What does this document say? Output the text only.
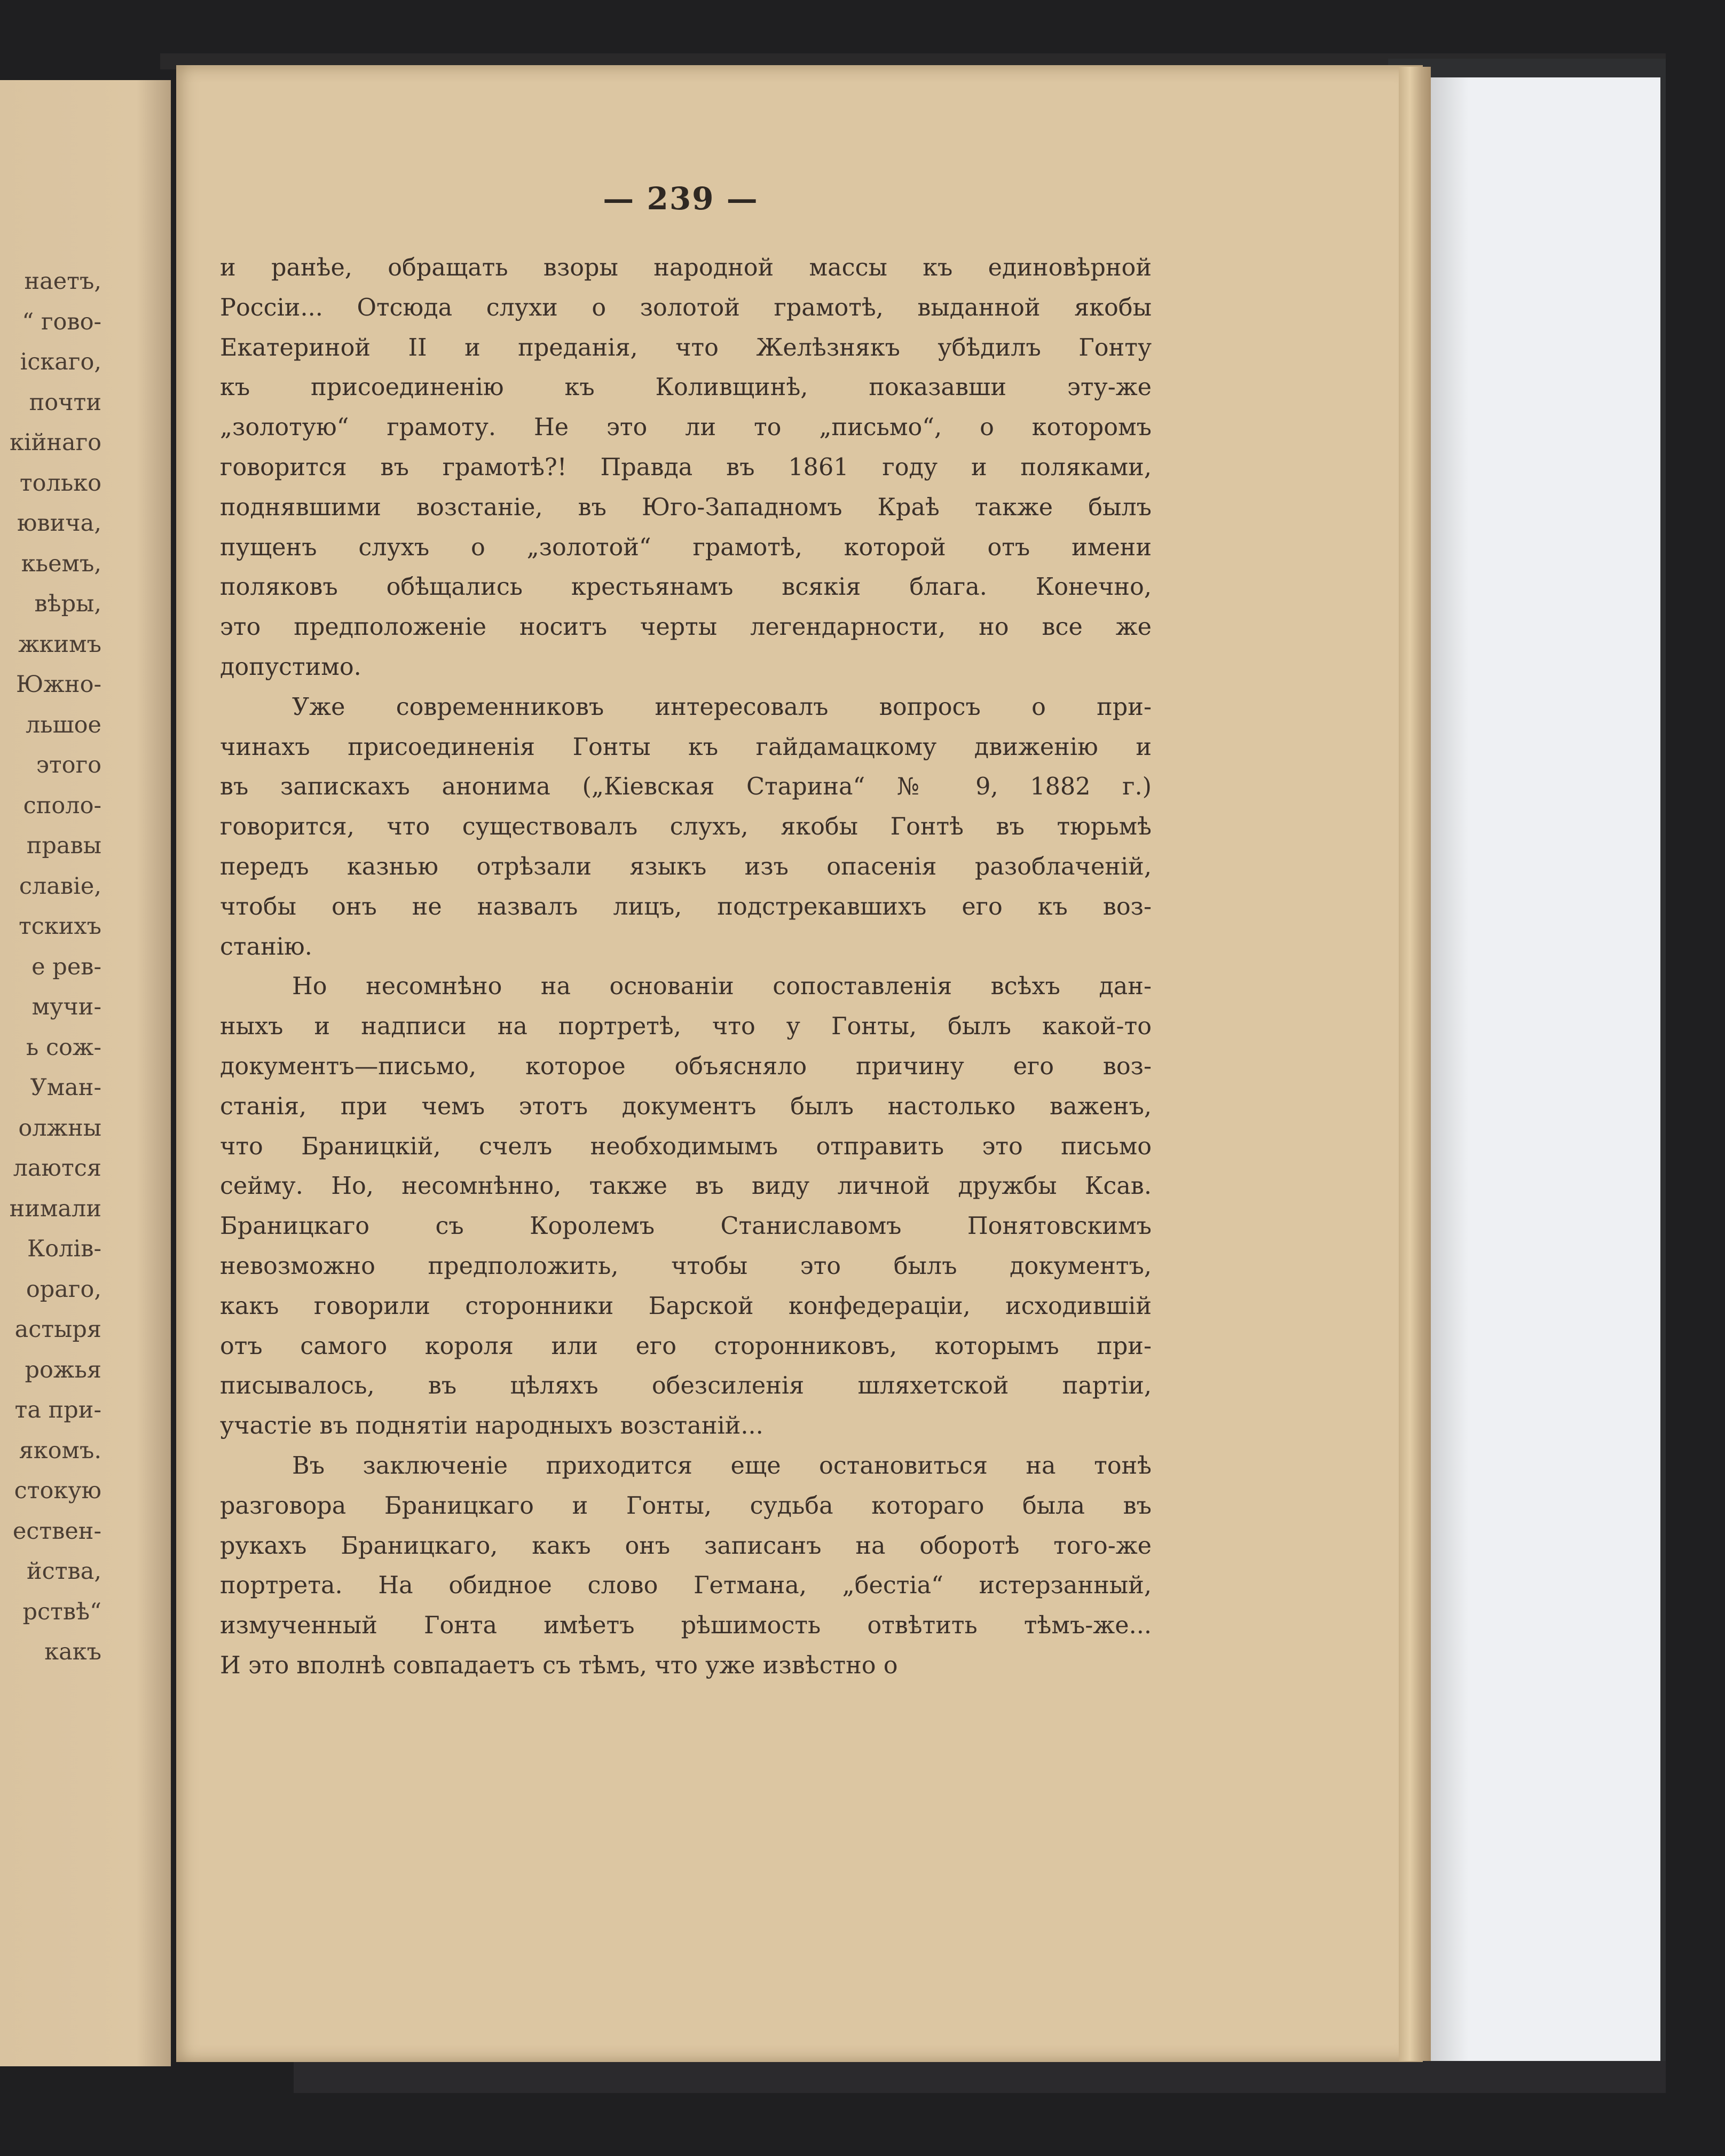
наетъ,
“ гово-
іскаго,
почти
кійнаго
только
ювича,
кьемъ,
вѣры,
жкимъ
Южно-
льшое
этого
споло-
правы
славіе,
тскихъ
е рев-
мучи-
ь сож-
Уман-
олжны
лаются
нимали
Колів-
ораго,
астыря
рожья
та при-
якомъ.
стокую
ествен-
йства,
рствѣ“
какъ
— 239 —
и ранѣе, обращать взоры народной массы къ единовѣрной
Россіи... Отсюда слухи о золотой грамотѣ, выданной якобы
Екатериной II и преданія, что Желѣзнякъ убѣдилъ Гонту
къ присоединенію къ Коливщинѣ, показавши эту-же
„золотую“ грамоту. Не это ли то „письмо“, о которомъ
говорится въ грамотѣ?! Правда въ 1861 году и поляками,
поднявшими возстаніе, въ Юго-Западномъ Краѣ также былъ
пущенъ слухъ о „золотой“ грамотѣ, которой отъ имени
поляковъ обѣщались крестьянамъ всякія блага. Конечно,
это предположеніе носитъ черты легендарности, но все же
допустимо.
Уже современниковъ интересовалъ вопросъ о при-
чинахъ присоединенія Гонты къ гайдамацкому движенію и
въ запискахъ анонима („Кіевская Старина“ № 9, 1882 г.)
говорится, что существовалъ слухъ, якобы Гонтѣ въ тюрьмѣ
передъ казнью отрѣзали языкъ изъ опасенія разоблаченій,
чтобы онъ не назвалъ лицъ, подстрекавшихъ его къ воз-
станію.
Но несомнѣно на основаніи сопоставленія всѣхъ дан-
ныхъ и надписи на портретѣ, что у Гонты, былъ какой-то
документъ—письмо, которое объясняло причину его воз-
станія, при чемъ этотъ документъ былъ настолько важенъ,
что Браницкій, счелъ необходимымъ отправить это письмо
сейму. Но, несомнѣнно, также въ виду личной дружбы Ксав.
Браницкаго съ Королемъ Станиславомъ Понятовскимъ
невозможно предположить, чтобы это былъ документъ,
какъ говорили сторонники Барской конфедераціи, исходившій
отъ самого короля или его сторонниковъ, которымъ при-
писывалось, въ цѣляхъ обезсиленія шляхетской партіи,
участіе въ поднятіи народныхъ возстаній...
Въ заключеніе приходится еще остановиться на тонѣ
разговора Браницкаго и Гонты, судьба котораго была въ
рукахъ Браницкаго, какъ онъ записанъ на оборотѣ того-же
портрета. На обидное слово Гетмана, „бестіа“ истерзанный,
измученный Гонта имѣетъ рѣшимость отвѣтить тѣмъ-же...
И это вполнѣ совпадаетъ съ тѣмъ, что уже извѣстно о
